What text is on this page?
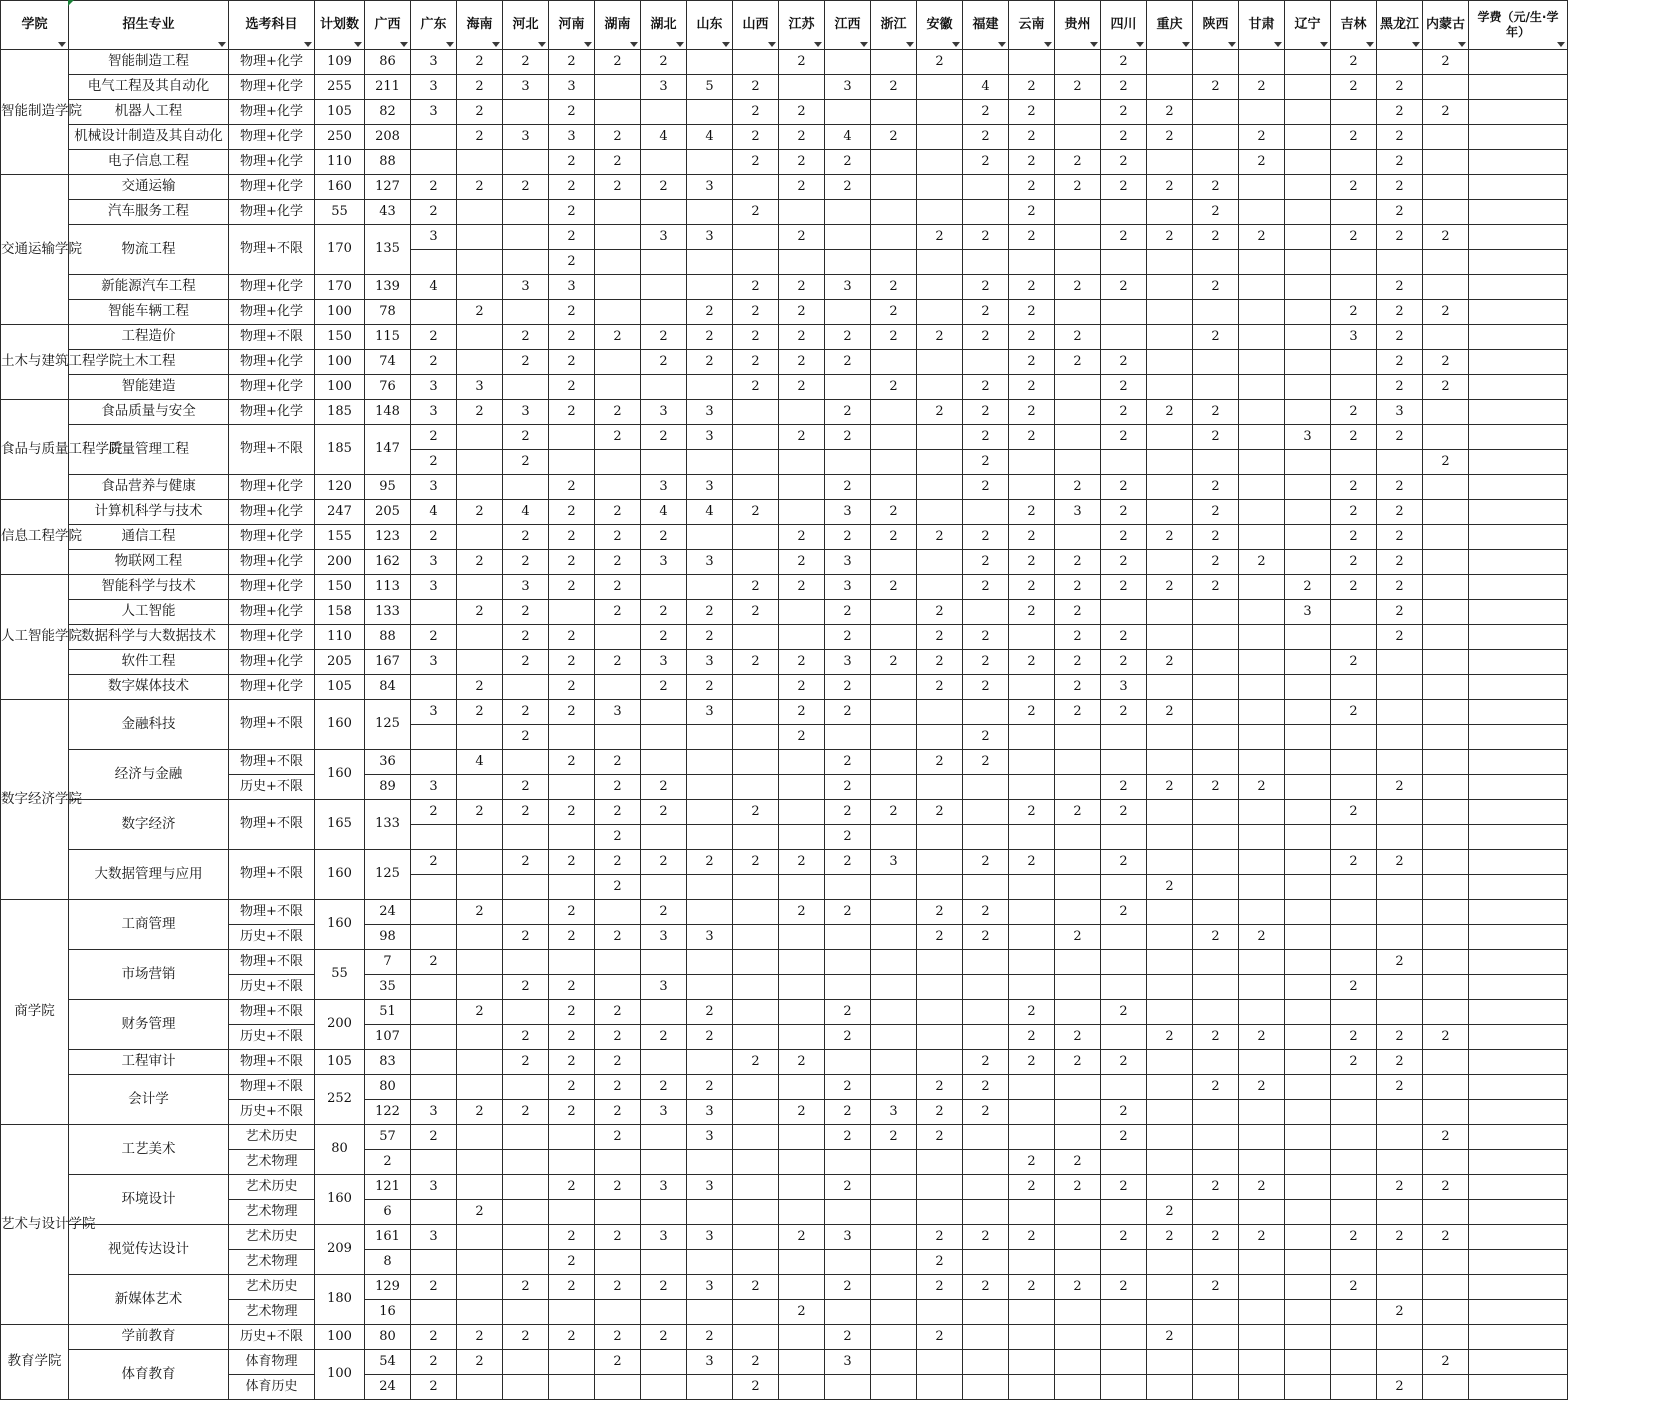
学院	招生专业	选考科目	计划数	广西	广东	海南	河北	河南	湖南	湖北	山东	山西	江苏	江西	浙江	安徽	福建	云南	贵州	四川	重庆	陕西	甘肃	辽宁	吉林	黑龙江	内蒙古	学费（元/生·学年）	

智能制造学院	智能制造工程	物理+化学	109	86	3	2	2	2	2	2			2			2				2					2		2		
	电气工程及其自动化	物理+化学	255	211	3	2	3	3		3	5	2		3	2		4	2	2	2		2	2		2	2			
	机器人工程	物理+化学	105	82	3	2		2				2	2				2	2		2	2					2	2		
	机械设计制造及其自动化	物理+化学	250	208		2	3	3	2	4	4	2	2	4	2		2	2		2	2		2		2	2			
	电子信息工程	物理+化学	110	88				2	2			2	2	2			2	2	2	2			2			2			
交通运输学院	交通运输	物理+化学	160	127	2	2	2	2	2	2	3		2	2				2	2	2	2	2			2	2			
	汽车服务工程	物理+化学	55	43	2			2				2						2				2				2			
	物流工程	物理+不限	170	135	3			2		3	3		2			2	2	2		2	2	2	2		2	2	2		
								2																					
	新能源汽车工程	物理+化学	170	139	4		3	3				2	2	3	2		2	2	2	2		2				2			
	智能车辆工程	物理+化学	100	78		2		2			2	2	2		2		2	2							2	2	2		
土木与建筑工程学院	工程造价	物理+不限	150	115	2		2	2	2	2	2	2	2	2	2	2	2	2	2			2			3	2			
	土木工程	物理+化学	100	74	2		2	2		2	2	2	2	2				2	2	2						2	2		
	智能建造	物理+化学	100	76	3	3		2				2	2		2		2	2		2						2	2		
食品与质量工程学院	食品质量与安全	物理+化学	185	148	3	2	3	2	2	3	3			2		2	2	2		2	2	2			2	3			
	质量管理工程	物理+不限	185	147	2		2		2	2	3		2	2			2	2		2		2		3	2	2			
					2		2										2										2		
	食品营养与健康	物理+化学	120	95	3			2		3	3			2			2		2	2		2			2	2			
信息工程学院	计算机科学与技术	物理+化学	247	205	4	2	4	2	2	4	4	2		3	2			2	3	2		2			2	2			
	通信工程	物理+化学	155	123	2		2	2	2	2			2	2	2	2	2	2		2	2	2			2	2			
	物联网工程	物理+化学	200	162	3	2	2	2	2	3	3		2	3			2	2	2	2		2	2		2	2			
人工智能学院	智能科学与技术	物理+化学	150	113	3		3	2	2			2	2	3	2		2	2	2	2	2	2		2	2	2			
	人工智能	物理+化学	158	133		2	2		2	2	2	2		2		2		2	2					3		2			
	数据科学与大数据技术	物理+化学	110	88	2		2	2		2	2			2		2	2		2	2						2			
	软件工程	物理+化学	205	167	3		2	2	2	3	3	2	2	3	2	2	2	2	2	2	2				2				
	数字媒体技术	物理+化学	105	84		2		2		2	2		2	2		2	2		2	3									
数字经济学院	金融科技	物理+不限	160	125	3	2	2	2	3		3		2	2				2	2	2	2				2				
							2						2				2												
	经济与金融	物理+不限	160	36		4		2	2					2		2	2												
		历史+不限		89	3		2		2	2				2						2	2	2	2			2			
	数字经济	物理+不限	165	133	2	2	2	2	2	2		2		2	2	2		2	2	2					2				
									2					2															
	大数据管理与应用	物理+不限	160	125	2		2	2	2	2	2	2	2	2	3		2	2		2					2	2			
									2												2								
商学院	工商管理	物理+不限	160	24		2		2		2			2	2		2	2			2									
		历史+不限		98			2	2	2	3	3					2	2		2			2	2						
	市场营销	物理+不限	55	7	2																					2			
		历史+不限		35			2	2		3															2				
	财务管理	物理+不限	200	51		2		2	2		2			2				2		2									
		历史+不限		107			2	2	2	2	2			2				2	2		2	2	2		2	2	2		
	工程审计	物理+不限	105	83			2	2	2			2	2				2	2	2	2					2	2			
	会计学	物理+不限	252	80				2	2	2	2			2		2	2					2	2			2			
		历史+不限		122	3	2	2	2	2	3	3		2	2	3	2	2			2									
艺术与设计学院	工艺美术	艺术历史	80	57	2				2		3			2	2	2				2							2		
		艺术物理		2														2	2										
	环境设计	艺术历史	160	121	3			2	2	3	3			2				2	2	2		2	2			2	2		
		艺术物理		6		2															2								
	视觉传达设计	艺术历史	209	161	3			2	2	3	3		2	3		2	2	2		2	2	2	2		2	2	2		
		艺术物理		8				2								2													
	新媒体艺术	艺术历史	180	129	2		2	2	2	2	3	2		2		2	2	2	2	2		2			2				
		艺术物理		16									2													2			
教育学院	学前教育	历史+不限	100	80	2	2	2	2	2	2	2			2		2					2								
	体育教育	体育物理	100	54	2	2			2		3	2		3													2		
		体育历史		24	2							2														2			
